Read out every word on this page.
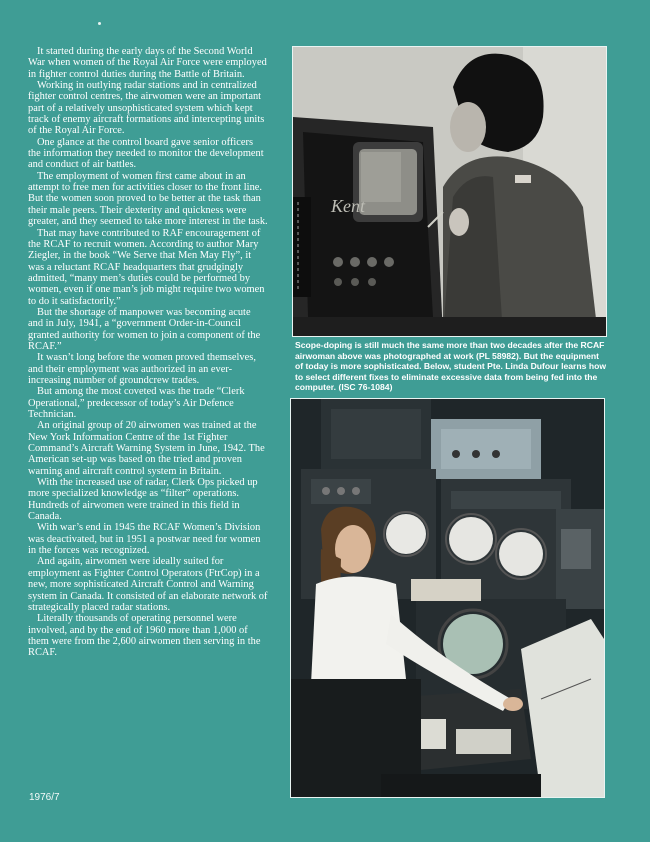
It started during the early days of the Second World War when women of the Royal Air Force were employed in fighter control duties during the Battle of Britain.

Working in outlying radar stations and in centralized fighter control centres, the airwomen were an important part of a relatively unsophisticated system which kept track of enemy aircraft formations and intercepting units of the Royal Air Force.

One glance at the control board gave senior officers the information they needed to monitor the development and conduct of air battles.

The employment of women first came about in an attempt to free men for activities closer to the front line. But the women soon proved to be better at the task than their male peers. Their dexterity and quickness were greater, and they seemed to take more interest in the task.

That may have contributed to RAF encouragement of the RCAF to recruit women. According to author Mary Ziegler, in the book “We Serve that Men May Fly”, it was a reluctant RCAF headquarters that grudgingly admitted, “many men’s duties could be performed by women, even if one man’s job might require two women to do it satisfactorily.”

But the shortage of manpower was becoming acute and in July, 1941, a “government Order-in-Council granted authority for women to join a component of the RCAF.”

It wasn’t long before the women proved themselves, and their employment was authorized in an ever-increasing number of groundcrew trades.

But among the most coveted was the trade “Clerk Operational,” predecessor of today’s Air Defence Technician.

An original group of 20 airwomen was trained at the New York Information Centre of the 1st Fighter Command’s Aircraft Warning System in June, 1942. The American set-up was based on the tried and proven warning and aircraft control system in Britain.

With the increased use of radar, Clerk Ops picked up more specialized knowledge as “filter” operations. Hundreds of airwomen were trained in this field in Canada.

With war’s end in 1945 the RCAF Women’s Division was deactivated, but in 1951 a postwar need for women in the forces was recognized.

And again, airwomen were ideally suited for employment as Fighter Control Operators (FtrCop) in a new, more sophisticated Aircraft Control and Warning system in Canada. It consisted of an elaborate network of strategically placed radar stations.

Literally thousands of operating personnel were involved, and by the end of 1960 more than 1,000 of them were from the 2,600 airwomen then serving in the RCAF.

Kent
Scope-doping is still much the same more than two decades after the RCAF airwoman above was photographed at work (PL 58982). But the equipment of today is more sophisticated. Below, student Pte. Linda Dufour learns how to select different fixes to eliminate excessive data from being fed into the computer. (ISC 76-1084)
1976/7
